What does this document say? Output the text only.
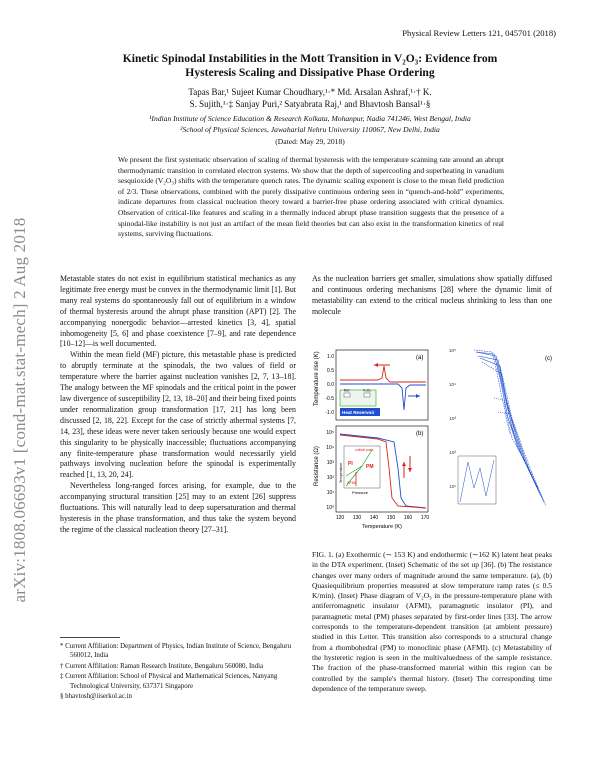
Physical Review Letters 121, 045701 (2018)
Kinetic Spinodal Instabilities in the Mott Transition in V₂O₃: Evidence from
Hysteresis Scaling and Dissipative Phase Ordering
Tapas Bar,¹ Sujeet Kumar Choudhary,¹·* Md. Arsalan Ashraf,¹·† K.
S. Sujith,¹·‡ Sanjay Puri,² Satyabrata Raj,¹ and Bhavtosh Bansal¹·§
¹Indian Institute of Science Education & Research Kolkata, Mohanpur, Nadia 741246, West Bengal, India
²School of Physical Sciences, Jawaharlal Nehru University 110067, New Delhi, India
(Dated: May 29, 2018)
We present the first systematic observation of scaling of thermal hysteresis with the temperature scanning rate around an abrupt thermodynamic transition in correlated electron systems. We show that the depth of supercooling and superheating in vanadium sesquioxide (V₂O₃) shifts with the temperature quench rates. The dynamic scaling exponent is close to the mean field prediction of 2/3. These observations, combined with the purely dissipative continuous ordering seen in “quench-and-hold” experiments, indicate departures from classical nucleation theory toward a barrier-free phase ordering associated with critical dynamics. Observation of critical-like features and scaling in a thermally induced abrupt phase transition suggests that the presence of a spinodal-like instability is not just an artifact of the mean field theories but can also exist in the transformation kinetics of real systems, surviving fluctuations.
arXiv:1808.06693v1 [cond-mat.stat-mech] 2 Aug 2018	Metastable states do not exist in equilibrium statistical mechanics as any legitimate free energy must be convex in the thermodynamic limit [1]. But many real systems do spontaneously fall out of equilibrium in a window of thermal hysteresis around the abrupt phase transition (APT) [2]. The accompanying nonergodic behavior—arrested kinetics [3, 4], spatial inhomogeneity [5, 6] and phase coexistence [7–9], and rate dependence [10–12]—is well documented.

Within the mean field (MF) picture, this metastable phase is predicted to abruptly terminate at the spinodals, the two values of field or temperature where the barrier against nucleation vanishes [2, 7, 13–18]. The analogy between the MF spinodals and the critical point in the power law divergence of susceptibility [2, 13, 18–20] and their being fixed points under renormalization group transformation [17, 21] has long been discussed [2, 18, 22]. Except for the case of strictly athermal systems [7, 14, 23], these ideas were never taken seriously because one would expect this singularity to be physically inaccessible; fluctuations accompanying any finite-temperature phase transformation would necessarily yield pathways involving nucleation before the spinodal is experimentally reached [1, 13, 20, 24].

Nevertheless long-ranged forces arising, for example, due to the accompanying structural transition [25] may to an extent [26] suppress fluctuations. This will naturally lead to deep supersaturation and thermal hysteresis in the phase transformation, and thus take the system beyond the regime of the classical nucleation theory [27–31].

* Current Affiliation: Department of Physics, Indian Institute of Science, Bengaluru 560012, India

† Current Affiliation: Raman Research Institute, Bengaluru 560080, India

‡ Current Affiliation: School of Physical and Mathematical Sciences, Nanyang Technological University, 637371 Singapore

§ bhavtosh@iiserkol.ac.in

As the nucleation barriers get smaller, simulations show spatially diffused and continuous ordering mechanisms [28] where the dynamic limit of metastability can extend to the critical nucleus shrinking to less than one molecule

Temperature rise (K) 1.0
0.5
0.0
-0.5
-1.0
(a)
Ref	V₂O₃
Heat Reservoir
Resistance (Ω)
10⁵
10⁴
10³
10²
10¹
10⁰
120 130 140 150 160 170
Temperature (K)
(b)
critical point
PI	PM
AFMI
Pressure
Temperature
(c)
10⁵
10⁴
10³
10²
10¹
FIG. 1. (a) Exothermic (∼ 153 K) and endothermic (∼162 K) latent heat peaks in the DTA experiment. (Inset) Schematic of the set up [36]. (b) The resistance changes over many orders of magnitude around the same temperature. (a), (b) Quasiequilibrium properties measured at slow temperature ramp rates (≤ 0.5 K/min). (Inset) Phase diagram of V₂O₃ in the pressure-temperature plane with antiferromagnetic insulator (AFMI), paramagnetic insulator (PI), and paramagnetic metal (PM) phases separated by first-order lines [33]. The arrow corresponds to the temperature-dependent transition (at ambient pressure) studied in this Letter. This transition also corresponds to a structural change from a rhombohedral (PM) to monoclinic phase (AFMI). (c) Metastability of the hysteretic region is seen in the multivaluedness of the sample resistance. The fraction of the phase-transformed material within this region can be controlled by the sample's thermal history. (Inset) The corresponding time dependence of the temperature sweep.
